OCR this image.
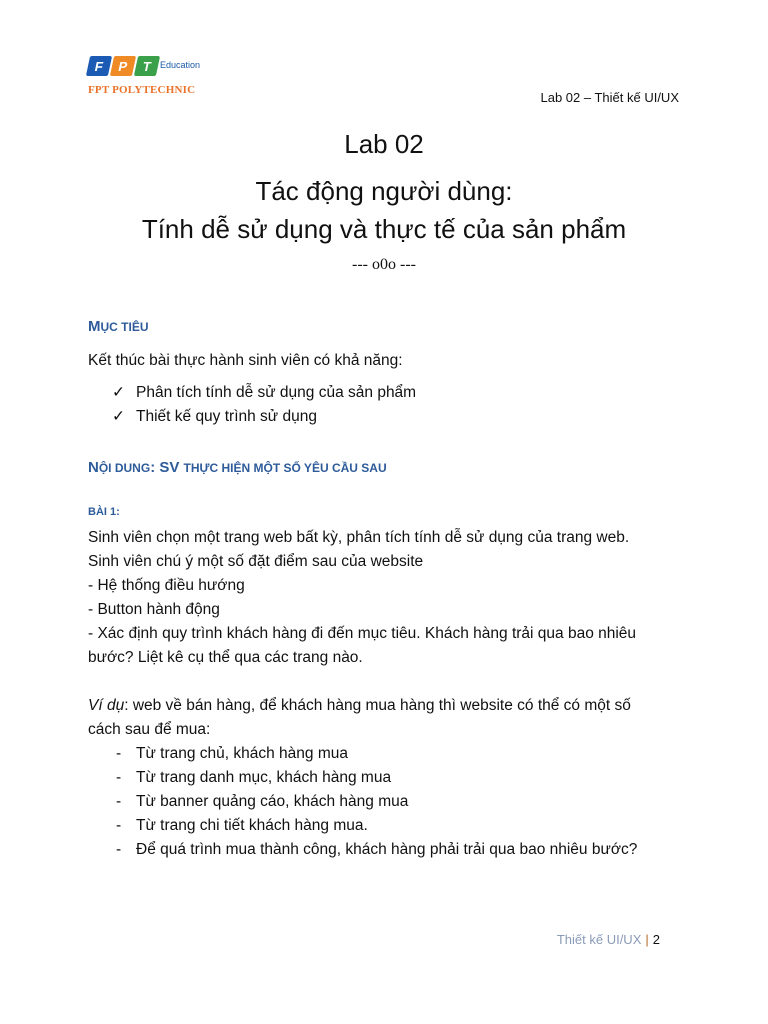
F P T Education
FPT POLYTECHNIC	Lab 02 – Thiết kế UI/UX
Lab 02
Tác động người dùng:
Tính dễ sử dụng và thực tế của sản phẩm
--- o0o ---
MỤC TIÊU

Kết thúc bài thực hành sinh viên có khả năng:

✓ Phân tích tính dễ sử dụng của sản phẩm
✓ Thiết kế quy trình sử dụng
NỘI DUNG: SV THỰC HIỆN MỘT SỐ YÊU CẦU SAU

BÀI 1:

Sinh viên chọn một trang web bất kỳ, phân tích tính dễ sử dụng của trang web.

Sinh viên chú ý một số đặt điểm sau của website

- Hệ thống điều hướng

- Button hành động

- Xác định quy trình khách hàng đi đến mục tiêu. Khách hàng trải qua bao nhiêu

bước? Liệt kê cụ thể qua các trang nào.

Ví dụ: web về bán hàng, để khách hàng mua hàng thì website có thể có một số

cách sau để mua:

- Từ trang chủ, khách hàng mua
- Từ trang danh mục, khách hàng mua
- Từ banner quảng cáo, khách hàng mua
- Từ trang chi tiết khách hàng mua.
- Để quá trình mua thành công, khách hàng phải trải qua bao nhiêu bước?
Thiết kế UI/UX | 2
